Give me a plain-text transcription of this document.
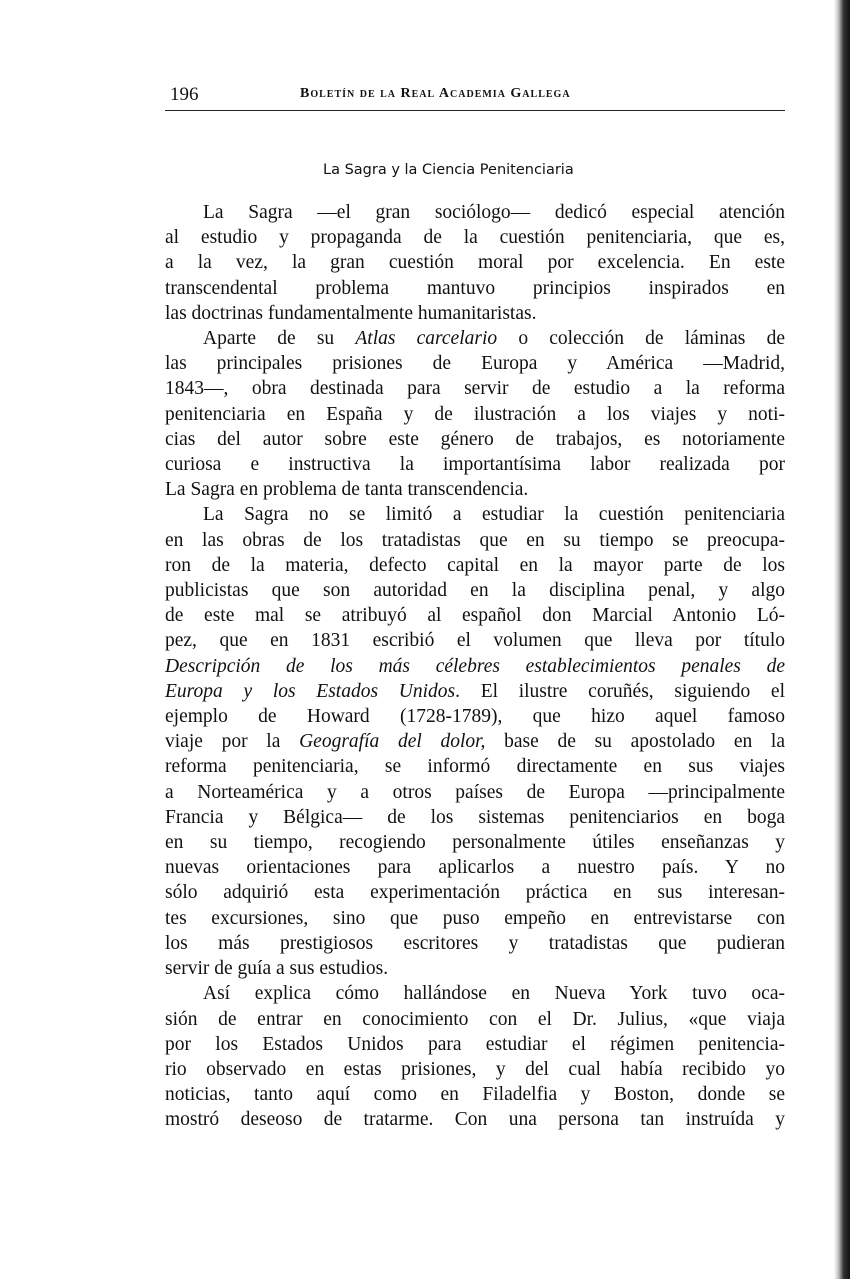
196	Boletín de la Real Academia Gallega
La Sagra y la Ciencia Penitenciaria
La Sagra —el gran sociólogo— dedicó especial atención
al estudio y propaganda de la cuestión penitenciaria, que es,
a la vez, la gran cuestión moral por excelencia. En este
transcendental problema mantuvo principios inspirados en
las doctrinas fundamentalmente humanitaristas.
Aparte de su Atlas carcelario o colección de láminas de
las principales prisiones de Europa y América —Madrid,
1843—, obra destinada para servir de estudio a la reforma
penitenciaria en España y de ilustración a los viajes y noti-
cias del autor sobre este género de trabajos, es notoriamente
curiosa e instructiva la importantísima labor realizada por
La Sagra en problema de tanta transcendencia.
La Sagra no se limitó a estudiar la cuestión penitenciaria
en las obras de los tratadistas que en su tiempo se preocupa-
ron de la materia, defecto capital en la mayor parte de los
publicistas que son autoridad en la disciplina penal, y algo
de este mal se atribuyó al español don Marcial Antonio Ló-
pez, que en 1831 escribió el volumen que lleva por título
Descripción de los más célebres establecimientos penales de
Europa y los Estados Unidos. El ilustre coruñés, siguiendo el
ejemplo de Howard (1728-1789), que hizo aquel famoso
viaje por la Geografía del dolor, base de su apostolado en la
reforma penitenciaria, se informó directamente en sus viajes
a Norteamérica y a otros países de Europa —principalmente
Francia y Bélgica— de los sistemas penitenciarios en boga
en su tiempo, recogiendo personalmente útiles enseñanzas y
nuevas orientaciones para aplicarlos a nuestro país. Y no
sólo adquirió esta experimentación práctica en sus interesan-
tes excursiones, sino que puso empeño en entrevistarse con
los más prestigiosos escritores y tratadistas que pudieran
servir de guía a sus estudios.
Así explica cómo hallándose en Nueva York tuvo oca-
sión de entrar en conocimiento con el Dr. Julius, «que viaja
por los Estados Unidos para estudiar el régimen penitencia-
rio observado en estas prisiones, y del cual había recibido yo
noticias, tanto aquí como en Filadelfia y Boston, donde se
mostró deseoso de tratarme. Con una persona tan instruída y
